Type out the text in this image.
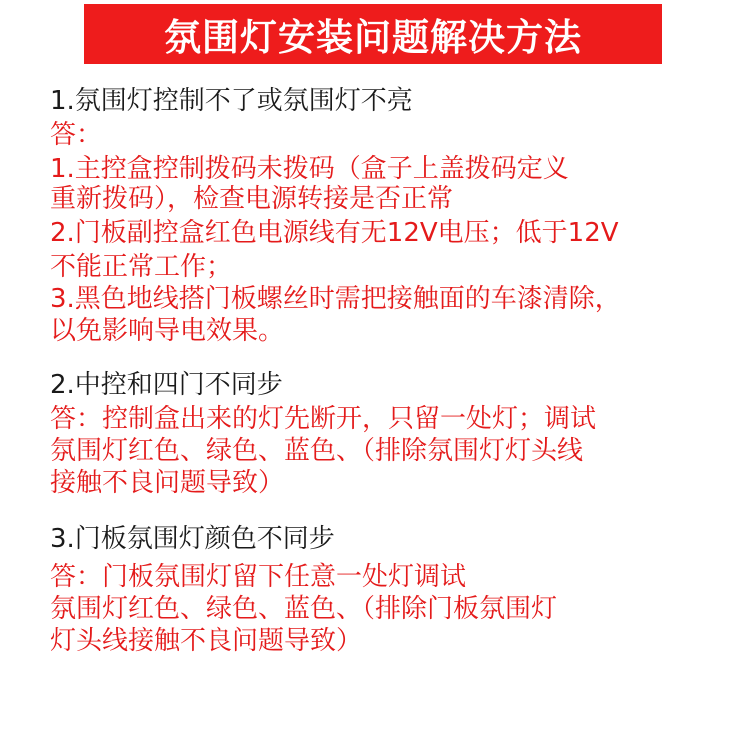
氛围灯安装问题解决方法
1.氛围灯控制不了或氛围灯不亮
答：
1.主控盒控制拨码未拨码（盒子上盖拨码定义
重新拨码），检查电源转接是否正常
2.门板副控盒红色电源线有无12V电压；低于12V
不能正常工作；
3.黑色地线搭门板螺丝时需把接触面的车漆清除，
以免影响导电效果。
2.中控和四门不同步
答：控制盒出来的灯先断开，只留一处灯；调试
氛围灯红色、绿色、蓝色、（排除氛围灯灯头线
接触不良问题导致）
3.门板氛围灯颜色不同步
答：门板氛围灯留下任意一处灯调试
氛围灯红色、绿色、蓝色、（排除门板氛围灯
灯头线接触不良问题导致）
